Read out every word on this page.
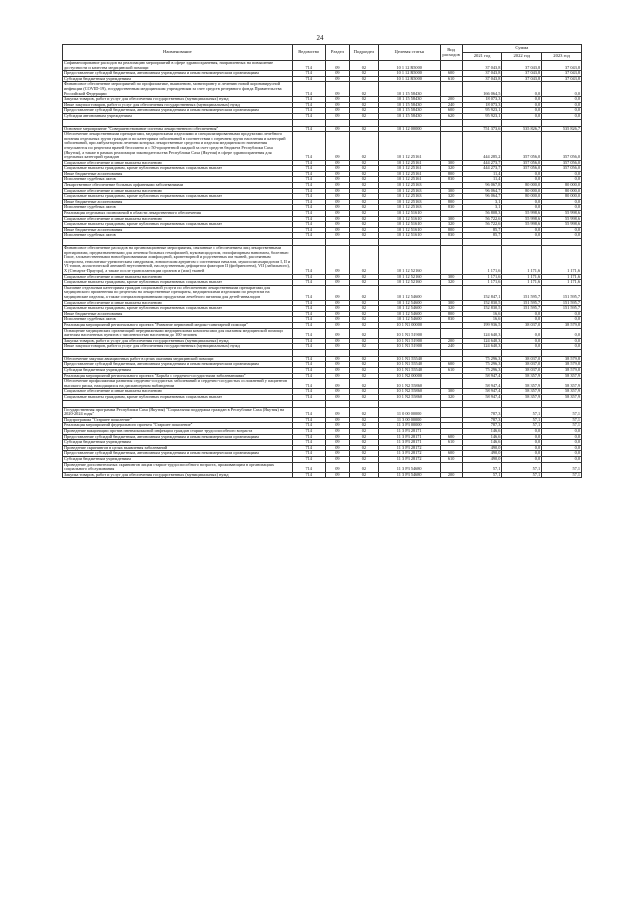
24
Наименование	Ведомство	Раздел	Подраздел	Целевая статья	Вид расходов	Сумма		
						2021 год	2022 год	2023 год
Софинансирование расходов на реализацию мероприятий в сфере здравоохранения, направленных на повышение доступности и качества медицинской помощи	714	09	02	10 1 12 R5000		37 043,8	37 043,8	37 043,8
Предоставление субсидий бюджетным, автономным учреждениям и иным некоммерческим организациям	714	09	02	10 1 12 R5000	600	37 043,8	37 043,8	37 043,8
Субсидии бюджетным учреждениям	714	09	02	10 1 12 R5000	610	37 043,8	37 043,8	37 043,8
Финансовое обеспечение мероприятий по профилактике, выявлению, мониторингу и лечению новой коронавирусной инфекции (COVID-19), государственным медицинским учреждениям за счет средств резервного фонда Правительства Российской Федерации	714	09	02	10 1 15 58430		166 064,5	0,0	0,0
Закупка товаров, работ и услуг для обеспечения государственных (муниципальных) нужд	714	09	02	10 1 15 58430	200	18 073,3	0,0	0,0
Иные закупки товаров, работ и услуг для обеспечения государственных (муниципальных) нужд	714	09	02	10 1 15 58430	240	18 073,3	0,0	0,0
Предоставление субсидий бюджетным, автономным учреждениям и иным некоммерческим организациям	714	09	02	10 1 15 58430	600	95 923,1	0,0	0,0
Субсидии автономным учреждениям	714	09	02	10 1 15 58430	620	95 923,1	0,0	0,0

Основное мероприятие "Совершенствование системы лекарственного обеспечения"	714	09	02	10 1 12 00000		751 373,6	535 826,7	535 826,7
Обеспечение лекарственными препаратами, медицинскими изделиями и специализированными продуктами лечебного питания отдельных групп граждан и по категориям заболеваний в соответствии с перечнем групп населения и категорий заболеваний, при амбулаторном лечении которых лекарственные средства и изделия медицинского назначения отпускаются по рецептам врачей бесплатно и с 50-процентной скидкой за счет средств бюджета Республики Саха (Якутия), а также в рамках реализации законодательства Республики Саха (Якутия) в сфере здравоохранения для отдельных категорий граждан	714	09	02	10 1 12 25161		444 285,2	357 056,0	357 056,0
Социальное обеспечение и иные выплаты населению	714	09	02	10 1 12 25161	300	444 273,7	357 056,0	357 056,0
Социальные выплаты гражданам, кроме публичных нормативных социальных выплат	714	09	02	10 1 12 25161	320	444 273,7	357 056,0	357 056,0
Иные бюджетные ассигнования	714	09	02	10 1 12 25161	800	11,4	0,0	0,0
Исполнение судебных актов	714	09	02	10 1 12 25161	830	11,4	0,0	0,0
Лекарственное обеспечение больных орфанными заболеваниями	714	09	02	10 1 12 25163		96 067,8	80 000,0	80 000,0
Социальное обеспечение и иные выплаты населению	714	09	02	10 1 12 25163	300	96 064,7	80 000,0	80 000,0
Социальные выплаты гражданам, кроме публичных нормативных социальных выплат	714	09	02	10 1 12 25163	320	96 064,7	80 000,0	80 000,0
Иные бюджетные ассигнования	714	09	02	10 1 12 25163	800	3,1	0,0	0,0
Исполнение судебных актов	714	09	02	10 1 12 25163	830	3,1	0,0	0,0
Реализация отдельных полномочий в области лекарственного обеспечения	714	09	02	10 1 12 51610		56 808,3	55 998,6	55 998,6
Социальное обеспечение и иные выплаты населению	714	09	02	10 1 12 51610	300	56 722,6	55 998,6	55 998,6
Социальные выплаты гражданам, кроме публичных нормативных социальных выплат	714	09	02	10 1 12 51610	320	56 722,6	55 998,6	55 998,6
Иные бюджетные ассигнования	714	09	02	10 1 12 51610	800	85,7	0,0	0,0
Исполнение судебных актов	714	09	02	10 1 12 51610	830	85,7	0,0	0,0

Финансовое обеспечение расходов на организационные мероприятия, связанные с обеспечением лиц лекарственными препаратами, предназначенными для лечения больных гемофилией, муковисцидозом, гипофизарным нанизмом, болезнью Гоше, злокачественными новообразованиями лимфоидной, кроветворной и родственных им тканей, рассеянным склерозом, гемолитико-уремическим синдромом, юношеским артритом с системным началом, мукополисахаридозом I, II и VI типов, апластической анемией неуточненной, наследственным дефицитом факторов II (фибриногена), VII (лабильного), X (Стюарта-Прауэра), а также после трансплантации органов и (или) тканей	714	09	02	10 1 12 52160		1 171,6	1 171,6	1 171,6
Социальное обеспечение и иные выплаты населению	714	09	02	10 1 12 52160	300	1 171,6	1 171,6	1 171,6
Социальные выплаты гражданам, кроме публичных нормативных социальных выплат	714	09	02	10 1 12 52160	320	1 171,6	1 171,6	1 171,6
Оказание отдельным категориям граждан социальной услуги по обеспечению лекарственными препаратами для медицинского применения по рецептам на лекарственные препараты, медицинскими изделиями по рецептам на медицинские изделия, а также специализированными продуктами лечебного питания для детей-инвалидов	714	09	02	10 1 12 54600		152 847,1	151 595,7	151 595,7
Социальное обеспечение и иные выплаты населению	714	09	02	10 1 12 54600	300	152 830,5	151 595,7	151 595,7
Социальные выплаты гражданам, кроме публичных нормативных социальных выплат	714	09	02	10 1 12 54600	320	152 830,5	151 595,7	151 595,7
Иные бюджетные ассигнования	714	09	02	10 1 12 54600	800	16,6	0,0	0,0
Исполнение судебных актов	714	09	02	10 1 12 54600	830	16,6	0,0	0,0
Реализация мероприятий регионального проекта "Развитие первичной медико-санитарной помощи"	714	09	02	10 1 N1 00000		199 936,5	38 037,0	38 579,8
Оснащение медицинских организаций передвижными медицинскими комплексами для оказания медицинской помощи жителям населенных пунктов с численностью населения до 100 человек	714	09	02	10 1 N1 51900		124 640,3	0,0	0,0
Закупка товаров, работ и услуг для обеспечения государственных (муниципальных) нужд	714	09	02	10 1 N1 51900	200	124 640,3	0,0	0,0
Иные закупки товаров, работ и услуг для обеспечения государственных (муниципальных) нужд	714	09	02	10 1 N1 51900	240	124 640,3	0,0	0,0

Обеспечение закупки авиационных работ в целях оказания медицинской помощи	714	09	02	10 1 N1 55540		75 296,3	38 037,0	38 579,8
Предоставление субсидий бюджетным, автономным учреждениям и иным некоммерческим организациям	714	09	02	10 1 N1 55540	600	75 296,3	38 037,0	38 579,8
Субсидии бюджетным учреждениям	714	09	02	10 1 N1 55540	610	75 296,3	38 037,0	38 579,8
Реализация мероприятий регионального проекта "Борьба с сердечно-сосудистыми заболеваниями"	714	09	02	10 1 N2 00000		58 947,4	58 357,9	58 357,9
Обеспечение профилактики развития сердечно-сосудистых заболеваний и сердечно-сосудистых осложнений у пациентов высокого риска, находящихся на диспансерном наблюдении	714	09	02	10 1 N2 55860		58 947,4	58 357,9	58 357,9
Социальное обеспечение и иные выплаты населению	714	09	02	10 1 N2 55860	300	58 947,4	58 357,9	58 357,9
Социальные выплаты гражданам, кроме публичных нормативных социальных выплат	714	09	02	10 1 N2 55860	320	58 947,4	58 357,9	58 357,9

Государственная программа Республики Саха (Якутия) "Социальная поддержка граждан в Республике Саха (Якутия) на 2020-2024 годы"	714	09	02	11 0 00 00000		787,3	57,1	57,1
Подпрограмма "Старшее поколение"	714	09	02	11 3 00 00000		787,3	57,1	57,1
Реализация мероприятий федерального проекта "Старшее поколение"	714	09	02	11 3 P3 00000		787,3	57,1	57,1
Проведение вакцинации против пневмококковой инфекции граждан старше трудоспособного возраста	714	09	02	11 3 P3 28171		146,6	0,0	0,0
Предоставление субсидий бюджетным, автономным учреждениям и иным некоммерческим организациям	714	09	02	11 3 P3 28171	600	146,6	0,0	0,0
Субсидии бюджетным учреждениям	714	09	02	11 3 P3 28171	610	146,6	0,0	0,0
Проведение скринингов в целях выявления заболеваний	714	09	02	11 3 P3 28172		490,0	0,0	0,0
Предоставление субсидий бюджетным, автономным учреждениям и иным некоммерческим организациям	714	09	02	11 3 P3 28172	600	490,0	0,0	0,0
Субсидии бюджетным учреждениям	714	09	02	11 3 P3 28172	610	490,0	0,0	0,0
Проведение дополнительных скринингов лицам старше трудоспособного возраста, проживающим в организациях социального обслуживания	714	09	02	11 3 P3 54680		57,1	57,1	57,1
Закупка товаров, работ и услуг для обеспечения государственных (муниципальных) нужд	714	09	02	11 3 P3 54680	200	57,1	57,1	57,1
